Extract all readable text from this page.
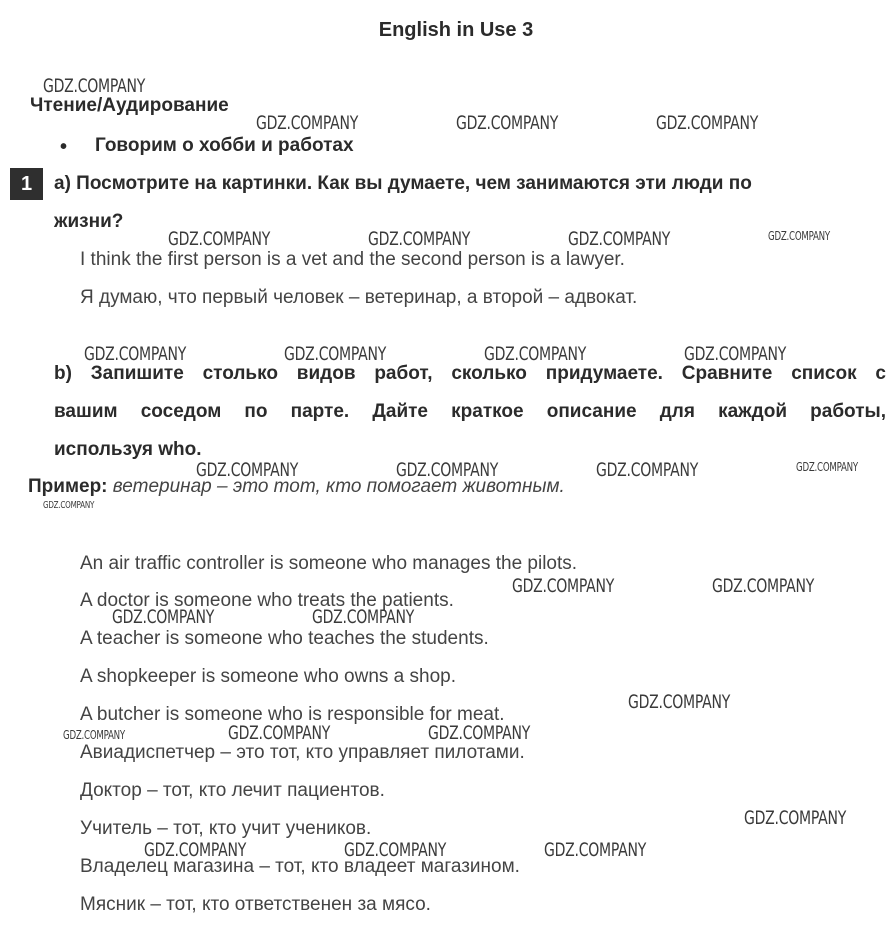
English in Use 3
Чтение/Аудирование
• Говорим о хобби и работах
1	a) Посмотрите на картинки. Как вы думаете, чем занимаются эти люди по
жизни?
I think the first person is a vet and the second person is a lawyer.
Я думаю, что первый человек – ветеринар, а второй – адвокат.
b) Запишите столько видов работ, сколько придумаете. Сравните список с
вашим соседом по парте. Дайте краткое описание для каждой работы,
используя who.
Пример: ветеринар – это тот, кто помогает животным.
An air traffic controller is someone who manages the pilots.
A doctor is someone who treats the patients.
A teacher is someone who teaches the students.
A shopkeeper is someone who owns a shop.
A butcher is someone who is responsible for meat.
Авиадиспетчер – это тот, кто управляет пилотами.
Доктор – тот, кто лечит пациентов.
Учитель – тот, кто учит учеников.
Владелец магазина – тот, кто владеет магазином.
Мясник – тот, кто ответственен за мясо.
GDZ.COMPANY
GDZ.COMPANY	GDZ.COMPANY	GDZ.COMPANY
GDZ.COMPANY	GDZ.COMPANY	GDZ.COMPANY	GDZ.COMPANY
GDZ.COMPANY	GDZ.COMPANY	GDZ.COMPANY	GDZ.COMPANY
GDZ.COMPANY	GDZ.COMPANY	GDZ.COMPANY	GDZ.COMPANY
GDZ.COMPANY
GDZ.COMPANY	GDZ.COMPANY
GDZ.COMPANY	GDZ.COMPANY
GDZ.COMPANY
GDZ.COMPANY	GDZ.COMPANY	GDZ.COMPANY
GDZ.COMPANY
GDZ.COMPANY	GDZ.COMPANY	GDZ.COMPANY
